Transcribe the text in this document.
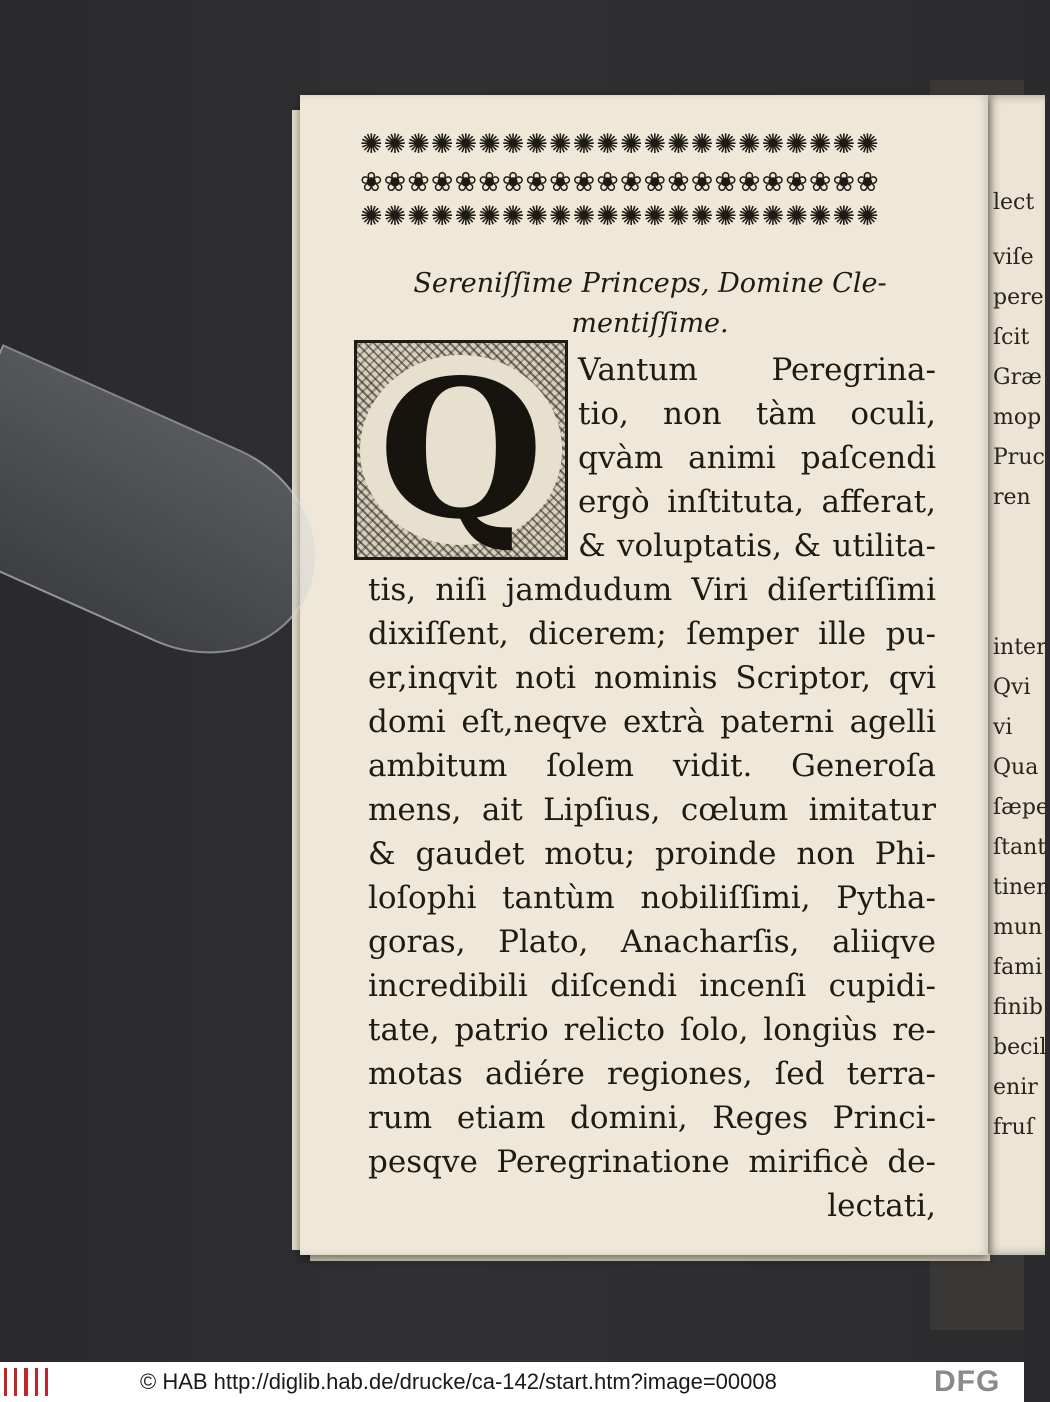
lect
viſe
pere
ſcit
Græ
mop
Pruc
ren
inter
Qvi
vi
Qua
ſæpe
ſtant
tinen
mun
fami
finib
becil
enir
fruſ
✺✺✺✺✺✺✺✺✺✺✺✺✺✺✺✺✺✺✺✺✺✺
❀❀❀❀❀❀❀❀❀❀❀❀❀❀❀❀❀❀❀❀❀❀
✺✺✺✺✺✺✺✺✺✺✺✺✺✺✺✺✺✺✺✺✺✺
Sereniſſime Princeps, Domine Cle-
mentiſſime.
Q	Vantum Peregrina-
tio, non tàm oculi,
qvàm animi paſcendi
ergò inſtituta, afferat,
& voluptatis, & utilita-
tis, niſi jamdudum Viri diſertiſſimi
dixiſſent, dicerem; ſemper ille pu-
er,inqvit noti nominis Scriptor, qvi
domi eſt,neqve extrà paterni agelli
ambitum ſolem vidit. Generoſa
mens, ait Lipſius, cœlum imitatur
& gaudet motu; proinde non Phi-
loſophi tantùm nobiliſſimi, Pytha-
goras, Plato, Anacharſis, aliiqve
incredibili diſcendi incenſi cupidi-
tate, patrio relicto ſolo, longiùs re-
motas adiére regiones, ſed terra-
rum etiam domini, Reges Princi-
pesqve Peregrinatione mirificè de-
lectati,
© HAB http://diglib.hab.de/drucke/ca-142/start.htm?image=00008	DFG
